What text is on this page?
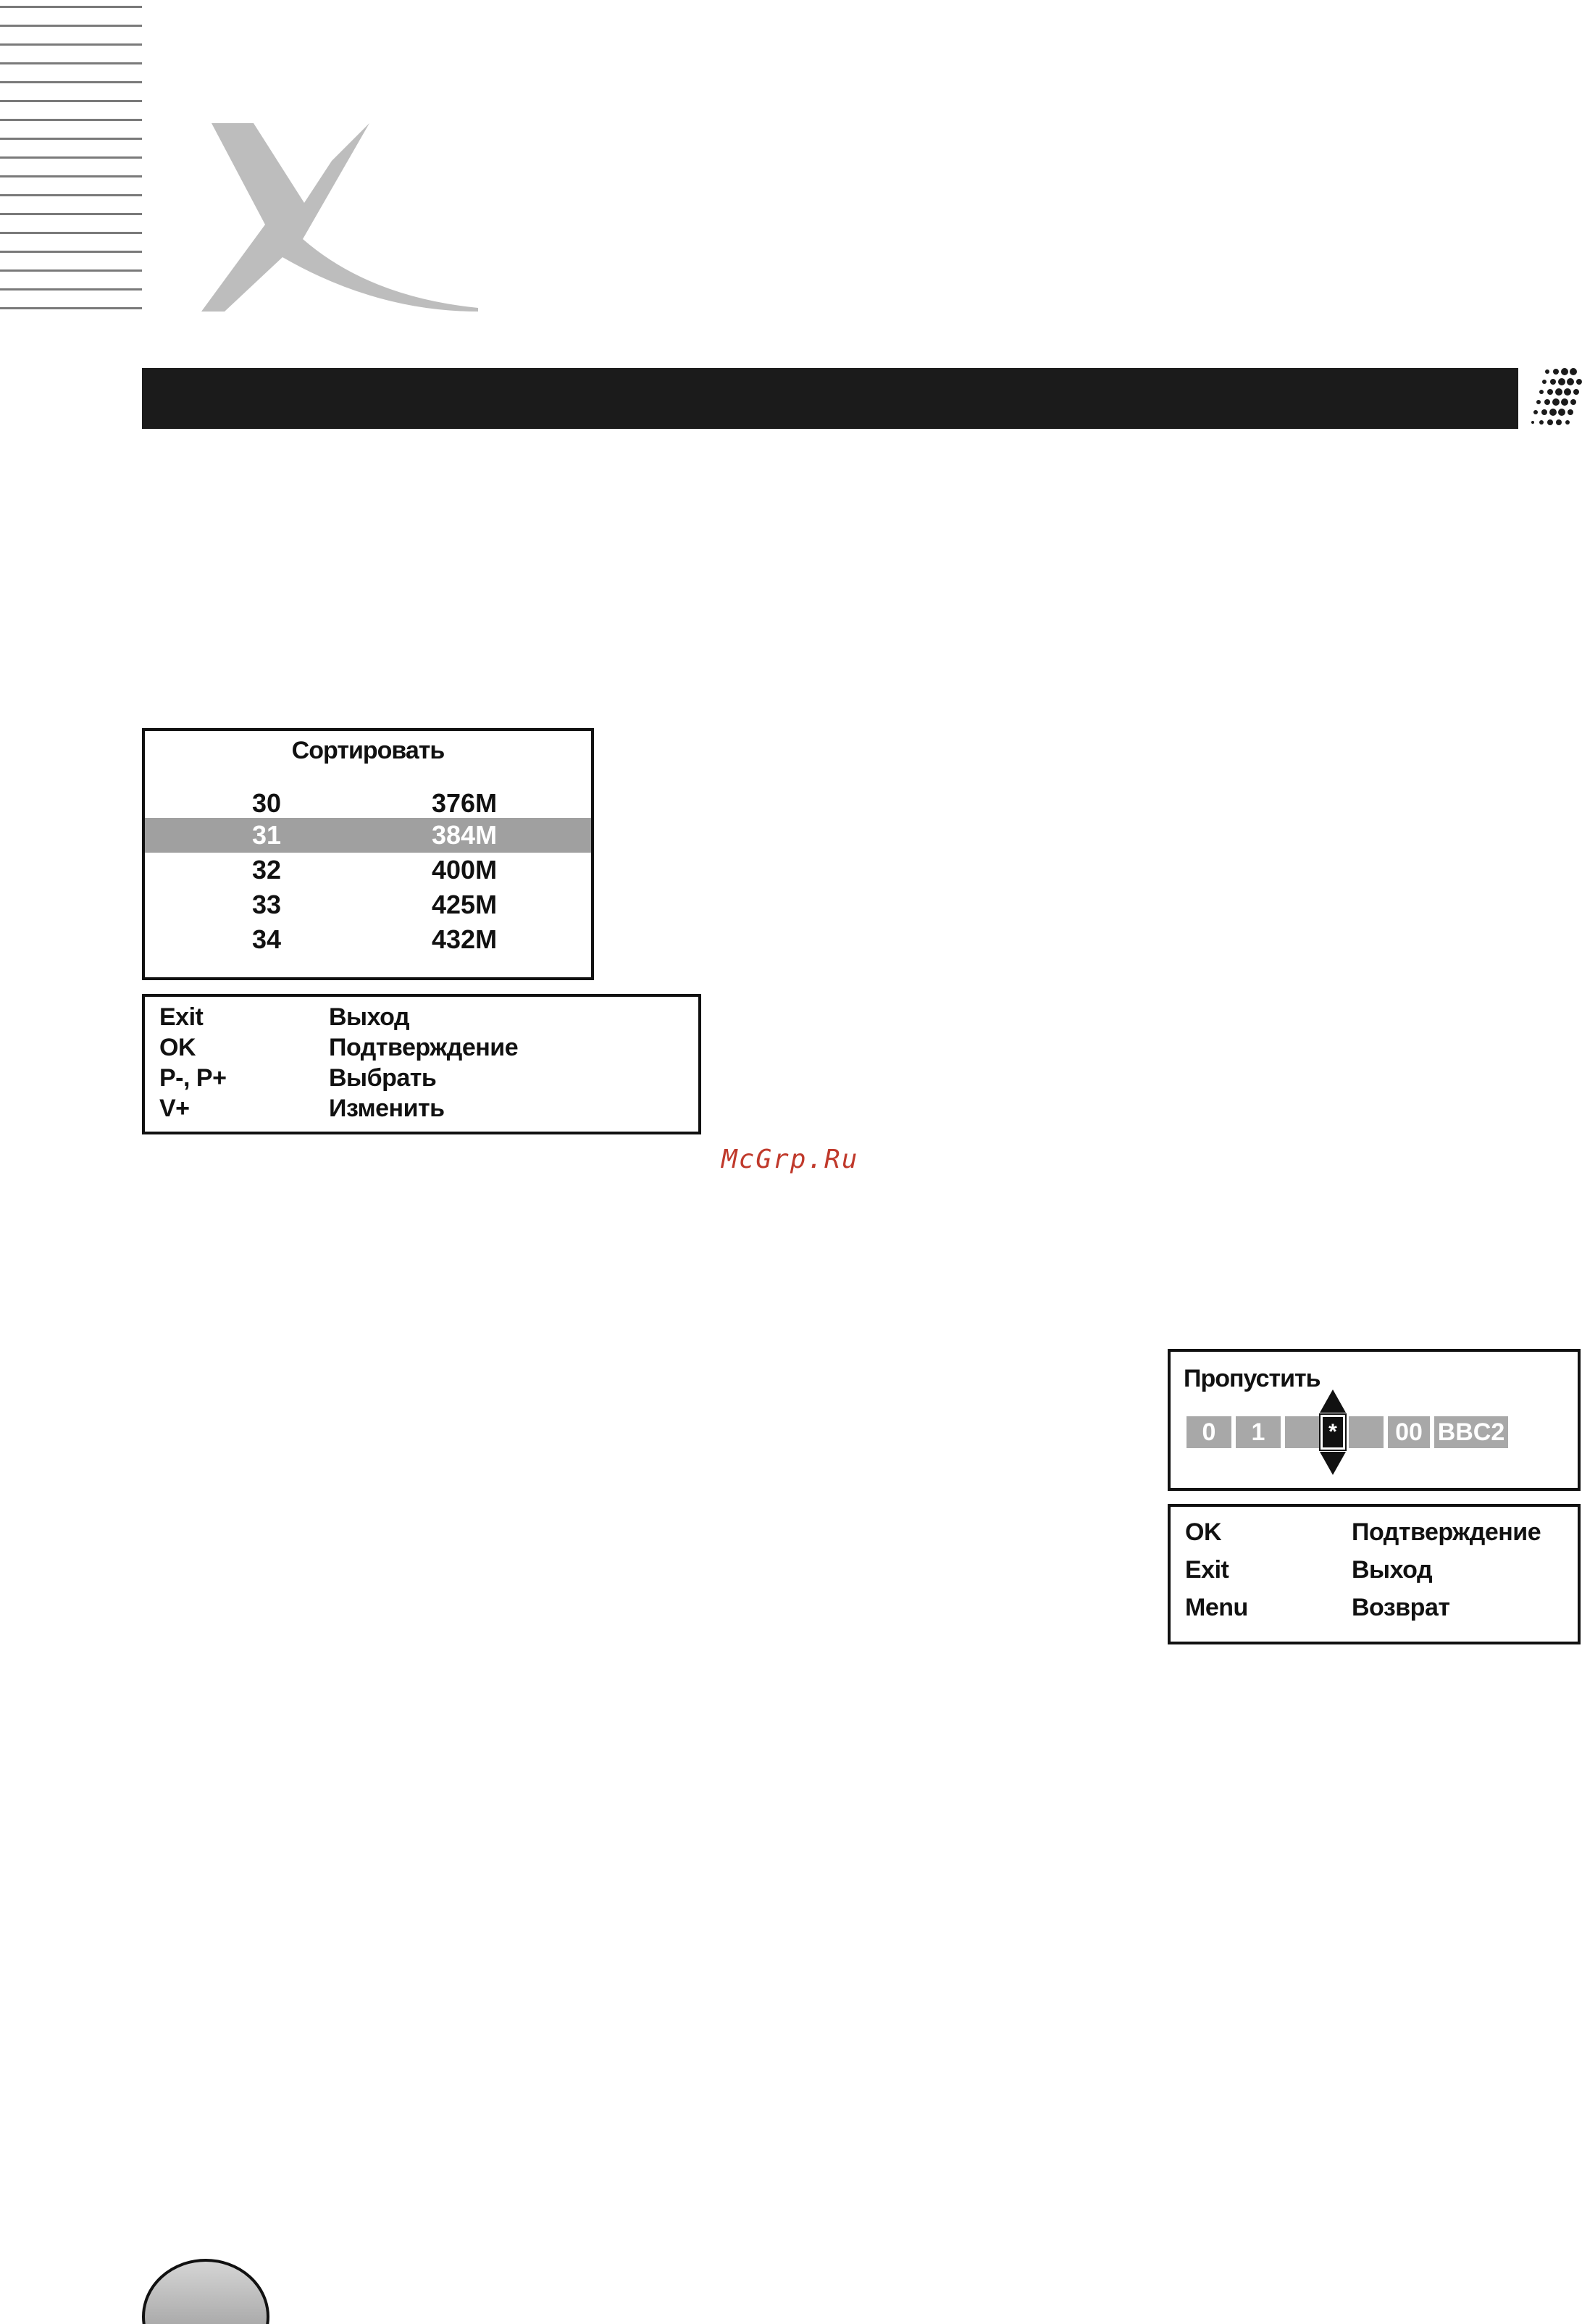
Сортировать
30	376M
31	384M
32	400M
33	425M
34	432M
Exit	Выход
OK	Подтверждение
P-, P+	Выбрать
V+	Изменить
McGrp.Ru
Пропустить
0	1	*	00 BBC2
OK	Подтверждение
Exit	Выход
Menu	Возврат
